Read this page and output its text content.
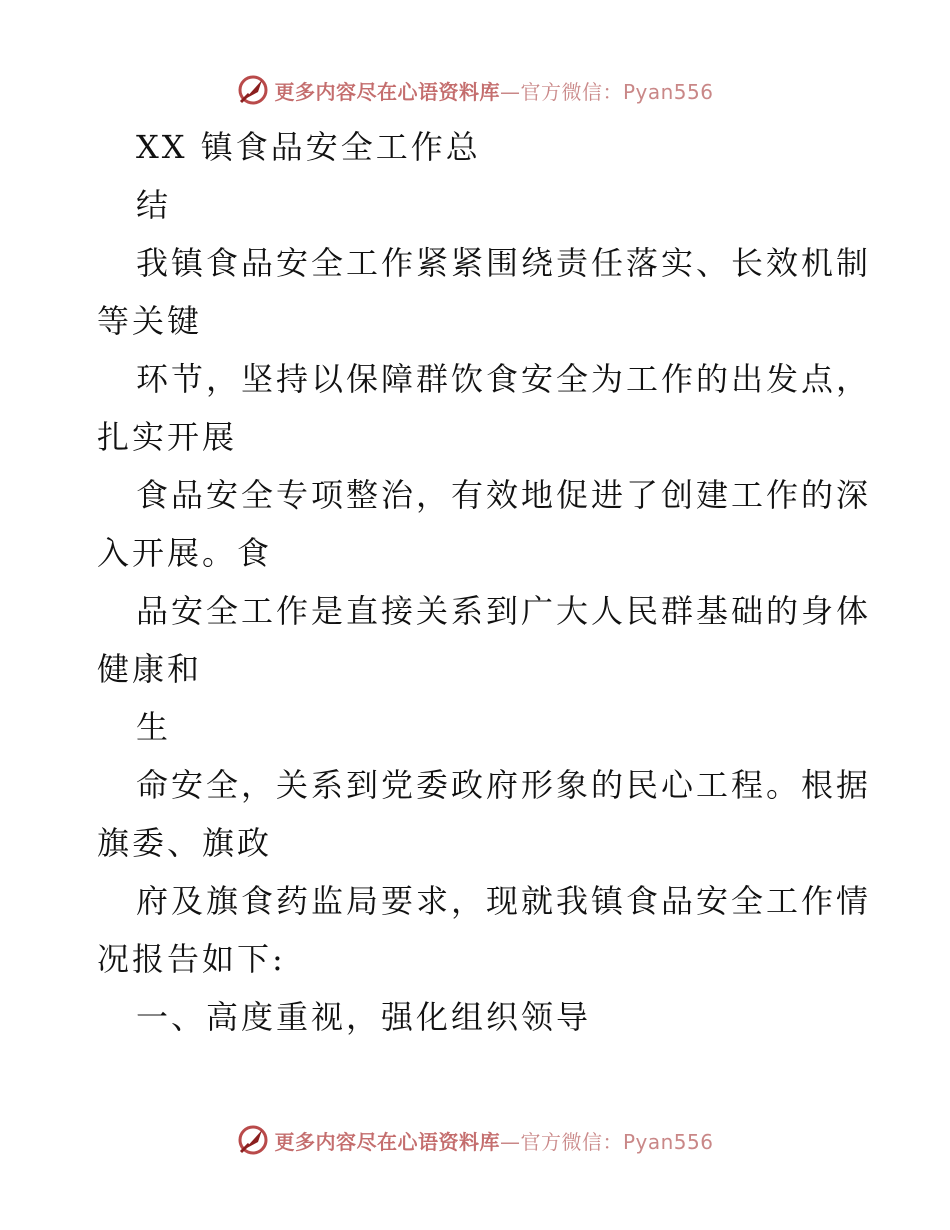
更多内容尽在心语资料库—官方微信：Pyan556
XX 镇食品安全工作总
结
我镇食品安全工作紧紧围绕责任落实、长效机制
等关键
环节，坚持以保障群饮食安全为工作的出发点，
扎实开展
食品安全专项整治，有效地促进了创建工作的深
入开展。食
品安全工作是直接关系到广大人民群基础的身体
健康和
生
命安全，关系到党委政府形象的民心工程。根据
旗委、旗政
府及旗食药监局要求，现就我镇食品安全工作情
况报告如下:
一、高度重视，强化组织领导
更多内容尽在心语资料库—官方微信：Pyan556
